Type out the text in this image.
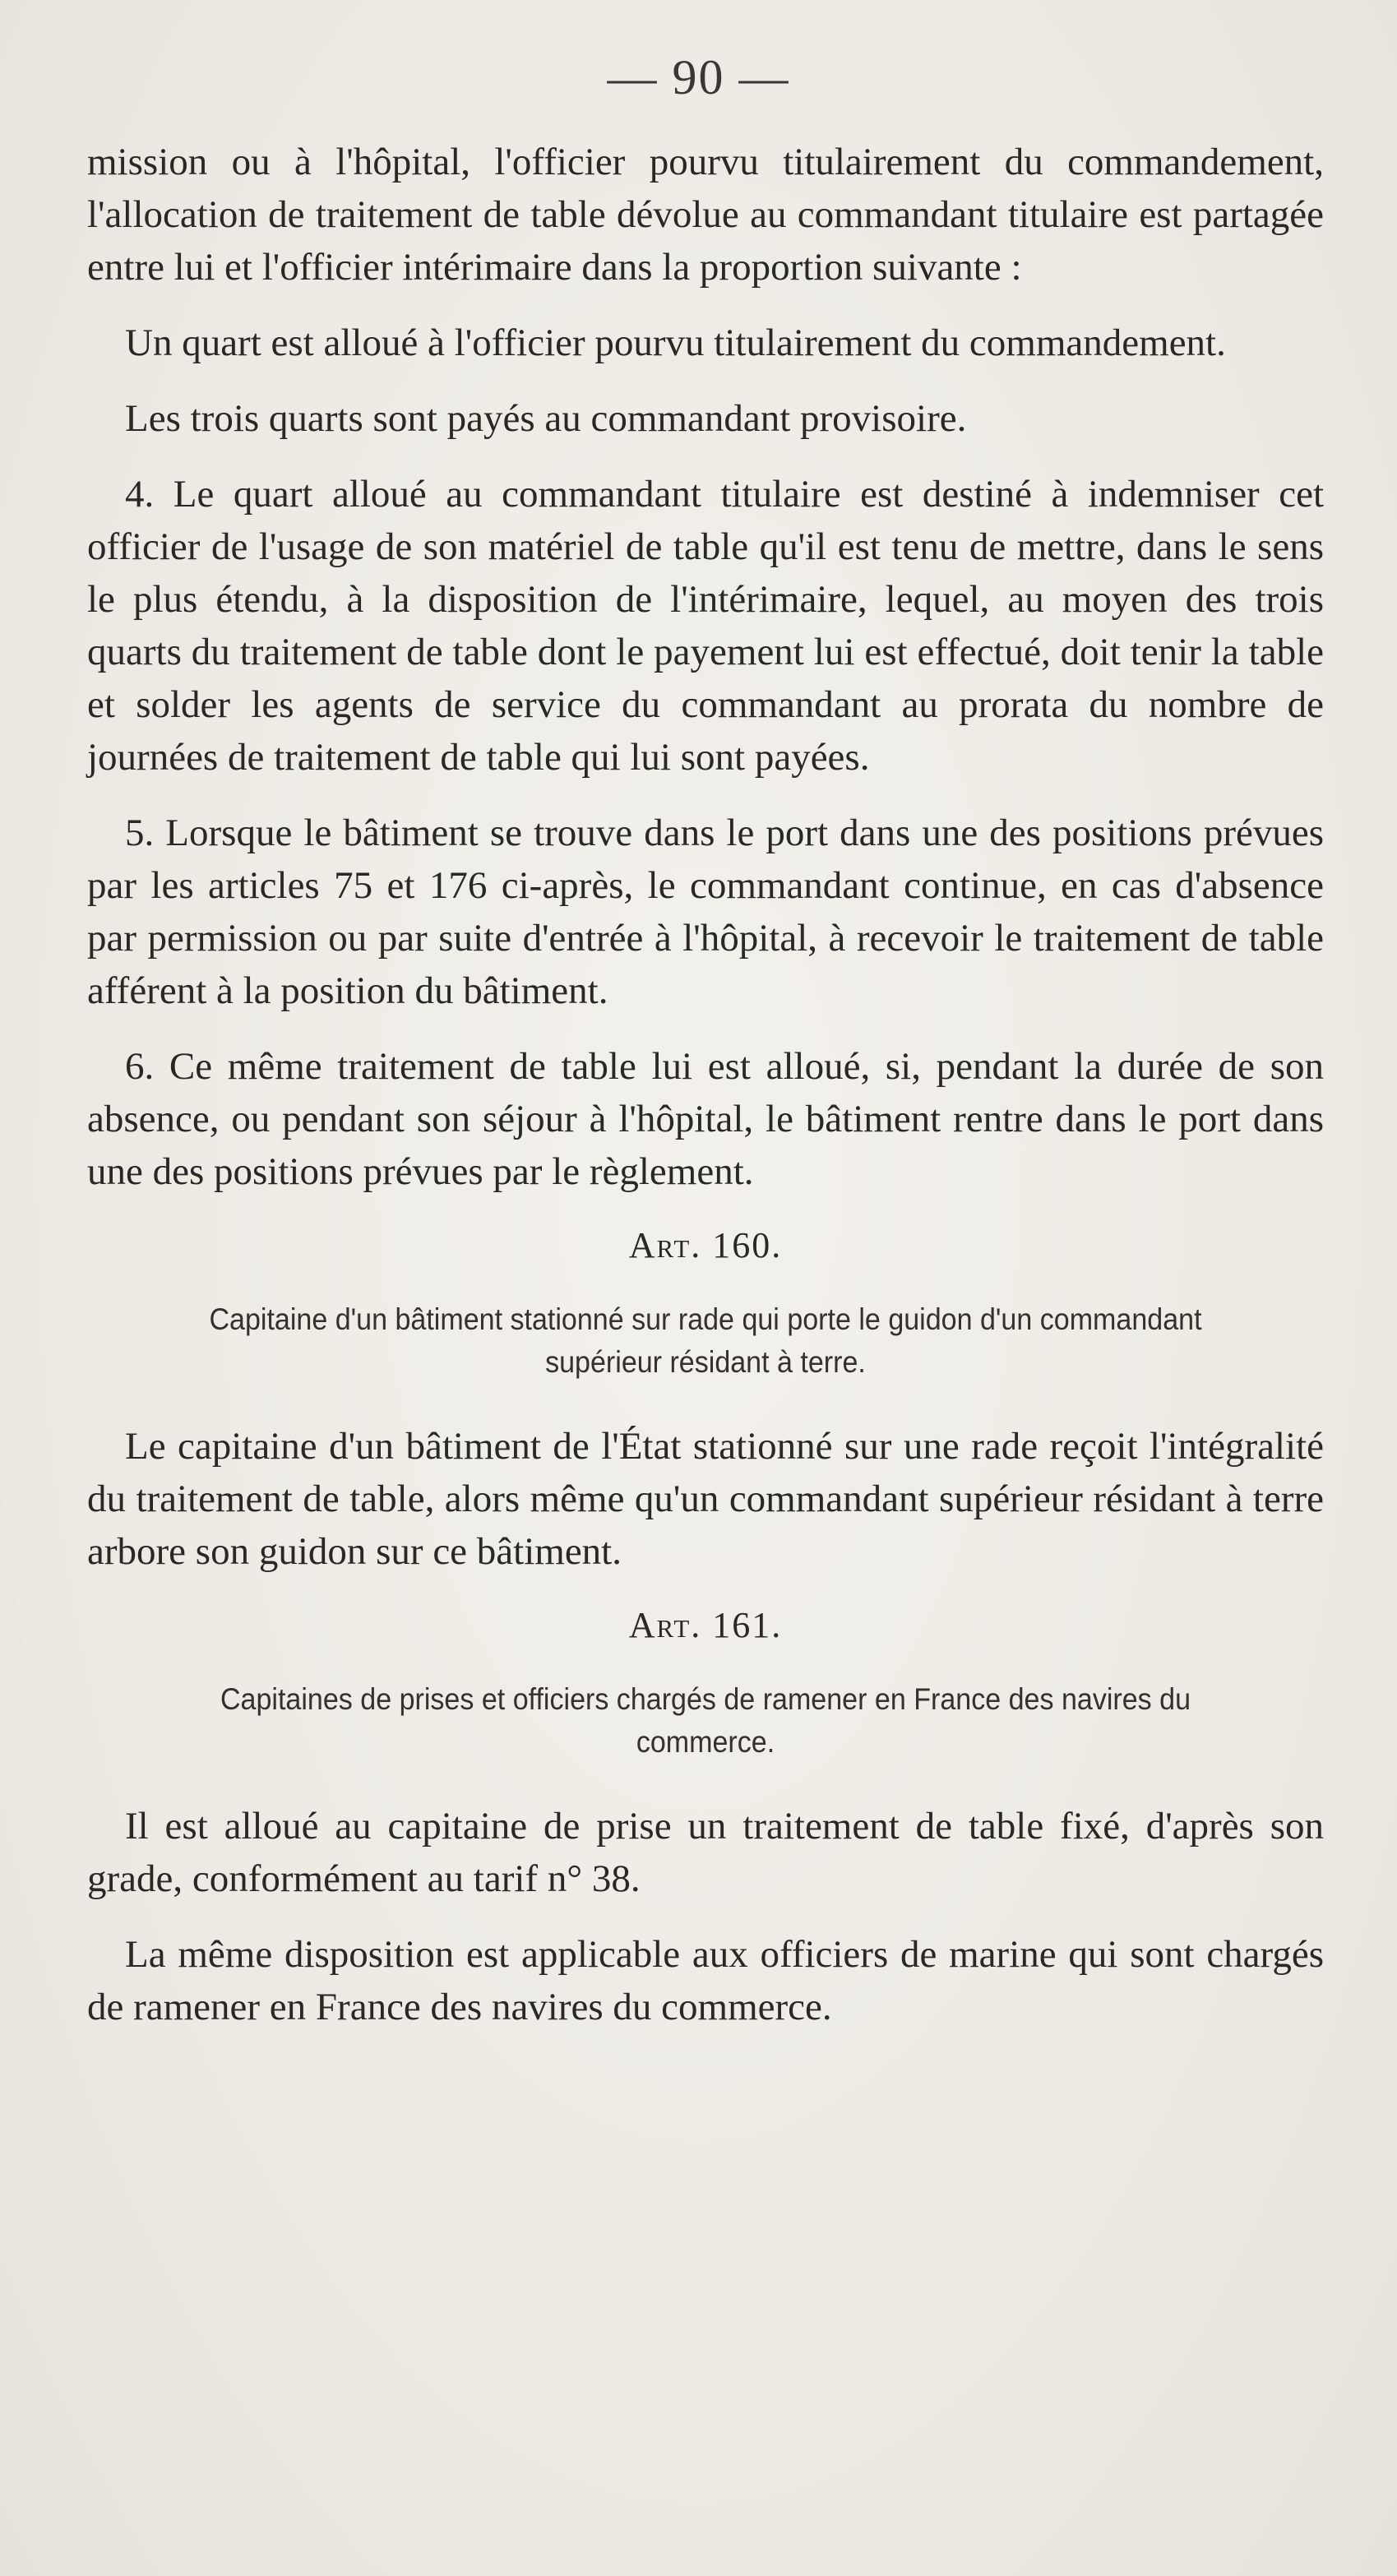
— 90 —

mission ou à l'hôpital, l'officier pourvu titulairement du commandement, l'allocation de traitement de table dévolue au commandant titulaire est partagée entre lui et l'officier intérimaire dans la proportion suivante :

Un quart est alloué à l'officier pourvu titulairement du commandement.

Les trois quarts sont payés au commandant provisoire.

4. Le quart alloué au commandant titulaire est destiné à indemniser cet officier de l'usage de son matériel de table qu'il est tenu de mettre, dans le sens le plus étendu, à la disposition de l'intérimaire, lequel, au moyen des trois quarts du traitement de table dont le payement lui est effectué, doit tenir la table et solder les agents de service du commandant au prorata du nombre de journées de traitement de table qui lui sont payées.

5. Lorsque le bâtiment se trouve dans le port dans une des positions prévues par les articles 75 et 176 ci-après, le commandant continue, en cas d'absence par permission ou par suite d'entrée à l'hôpital, à recevoir le traitement de table afférent à la position du bâtiment.

6. Ce même traitement de table lui est alloué, si, pendant la durée de son absence, ou pendant son séjour à l'hôpital, le bâtiment rentre dans le port dans une des positions prévues par le règlement.

Art. 160.
Capitaine d'un bâtiment stationné sur rade qui porte le guidon d'un commandant supérieur résidant à terre.

Le capitaine d'un bâtiment de l'État stationné sur une rade reçoit l'intégralité du traitement de table, alors même qu'un commandant supérieur résidant à terre arbore son guidon sur ce bâtiment.

Art. 161.
Capitaines de prises et officiers chargés de ramener en France des navires du commerce.

Il est alloué au capitaine de prise un traitement de table fixé, d'après son grade, conformément au tarif n° 38.

La même disposition est applicable aux officiers de marine qui sont chargés de ramener en France des navires du commerce.
